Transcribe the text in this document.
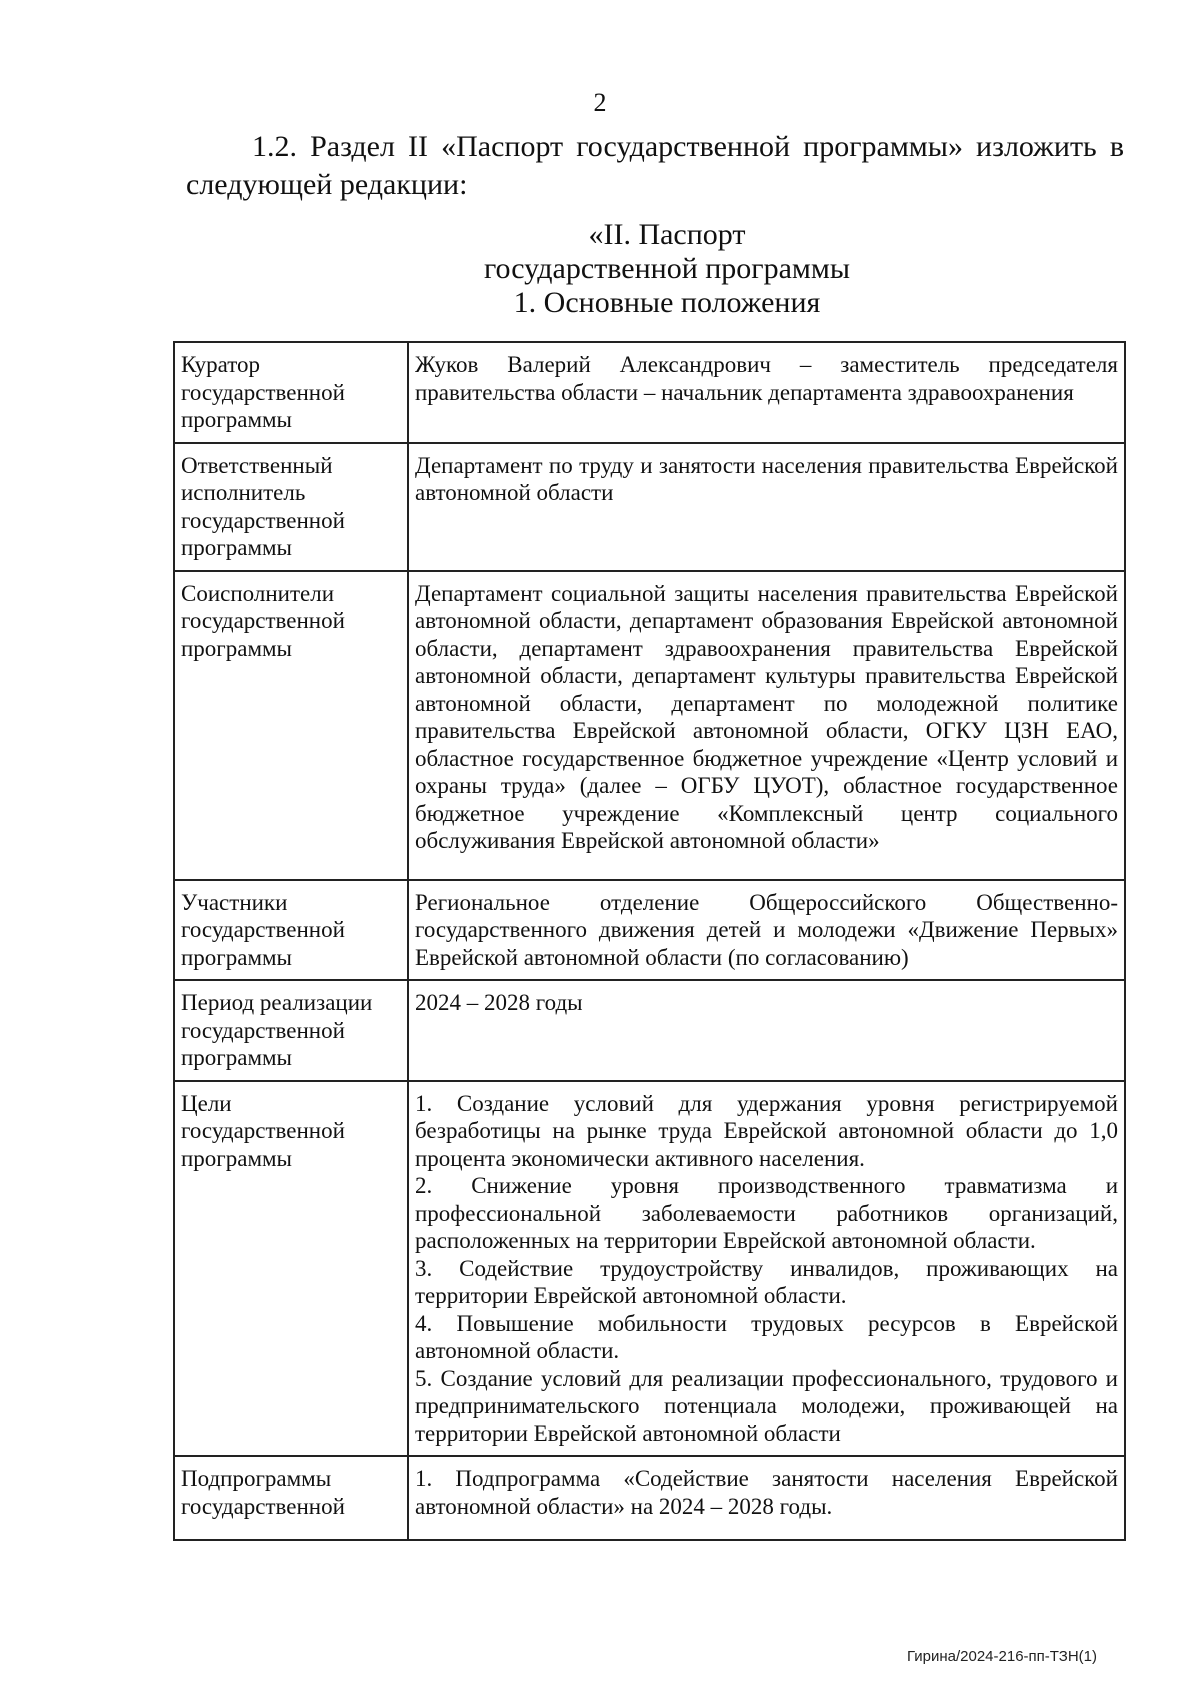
2
1.2. Раздел II «Паспорт государственной программы» изложить в следующей редакции:
«II. Паспорт
государственной программы
1. Основные положения
Куратор государственной программы	Жуков Валерий Александрович – заместитель председателя правительства области – начальник департамента здравоохранения
Ответственный исполнитель государственной программы	Департамент по труду и занятости населения правительства Еврейской автономной области
Соисполнители государственной программы	Департамент социальной защиты населения правительства Еврейской автономной области, департамент образования Еврейской автономной области, департамент здравоохранения правительства Еврейской автономной области, департамент культуры правительства Еврейской автономной области, департамент по молодежной политике правительства Еврейской автономной области, ОГКУ ЦЗН ЕАО, областное государственное бюджетное учреждение «Центр условий и охраны труда» (далее – ОГБУ ЦУОТ), областное государственное бюджетное учреждение «Комплексный центр социального обслуживания Еврейской автономной области»
Участники государственной программы	Региональное отделение Общероссийского Общественно-государственного движения детей и молодежи «Движение Первых» Еврейской автономной области (по согласованию)
Период реализации государственной программы	2024 – 2028 годы
Цели государственной программы	1. Создание условий для удержания уровня регистрируемой безработицы на рынке труда Еврейской автономной области до 1,0 процента экономически активного населения.
2. Снижение уровня производственного травматизма и профессиональной заболеваемости работников организаций, расположенных на территории Еврейской автономной области.
3. Содействие трудоустройству инвалидов, проживающих на территории Еврейской автономной области.
4. Повышение мобильности трудовых ресурсов в Еврейской автономной области.
5. Создание условий для реализации профессионального, трудового и предпринимательского потенциала молодежи, проживающей на территории Еврейской автономной области

Подпрограммы государственной	1. Подпрограмма «Содействие занятости населения Еврейской автономной области» на 2024 – 2028 годы.
Гирина/2024-216-пп-ТЗН(1)
